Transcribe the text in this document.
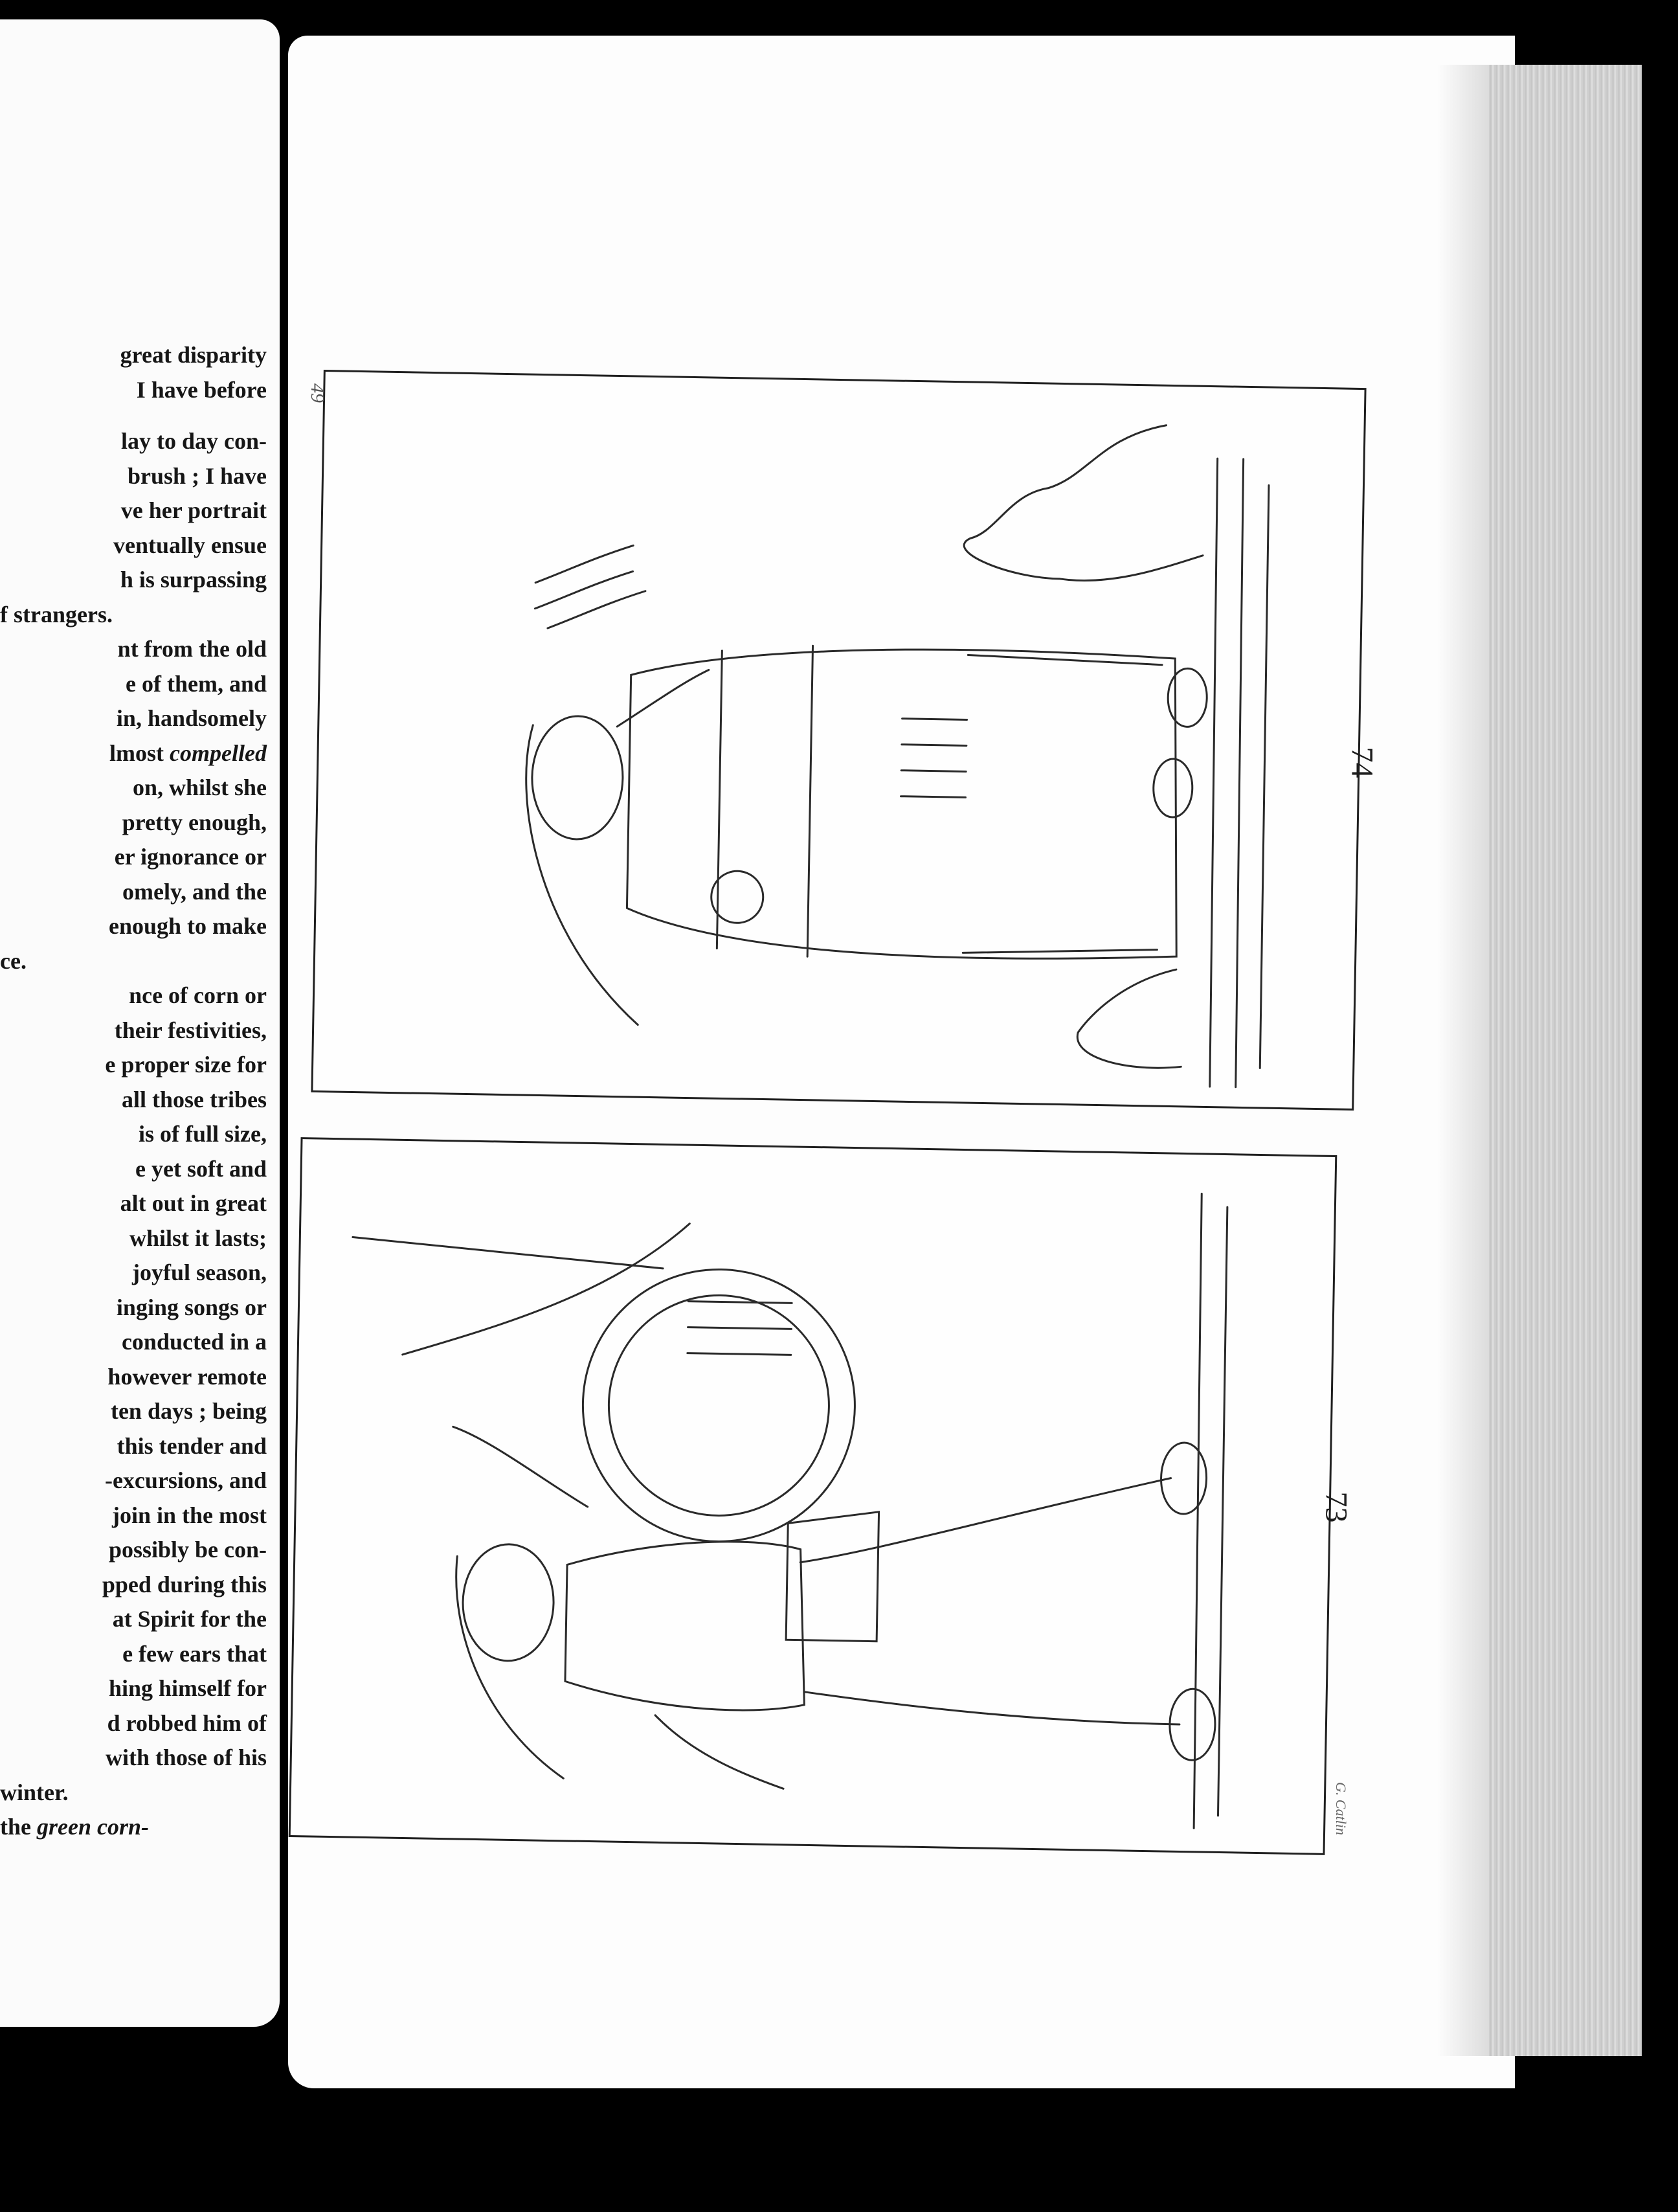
great disparity
I have before
lay to day con-
brush ; I have
ve her portrait
ventually ensue
h is surpassing
f strangers.
nt from the old
e of them, and
in, handsomely
lmost compelled
on, whilst she
pretty enough,
er ignorance or
omely, and the
enough to make
ce.
nce of corn or
their festivities,
e proper size for
all those tribes
is of full size,
e yet soft and
alt out in great
whilst it lasts;
joyful season,
inging songs or
conducted in a
however remote
ten days ; being
this tender and
-excursions, and
join in the most
possibly be con-
pped during this
at Spirit for the
e few ears that
hing himself for
d robbed him of
with those of his
winter.
the green corn-
74
49
73
G. Catlin
